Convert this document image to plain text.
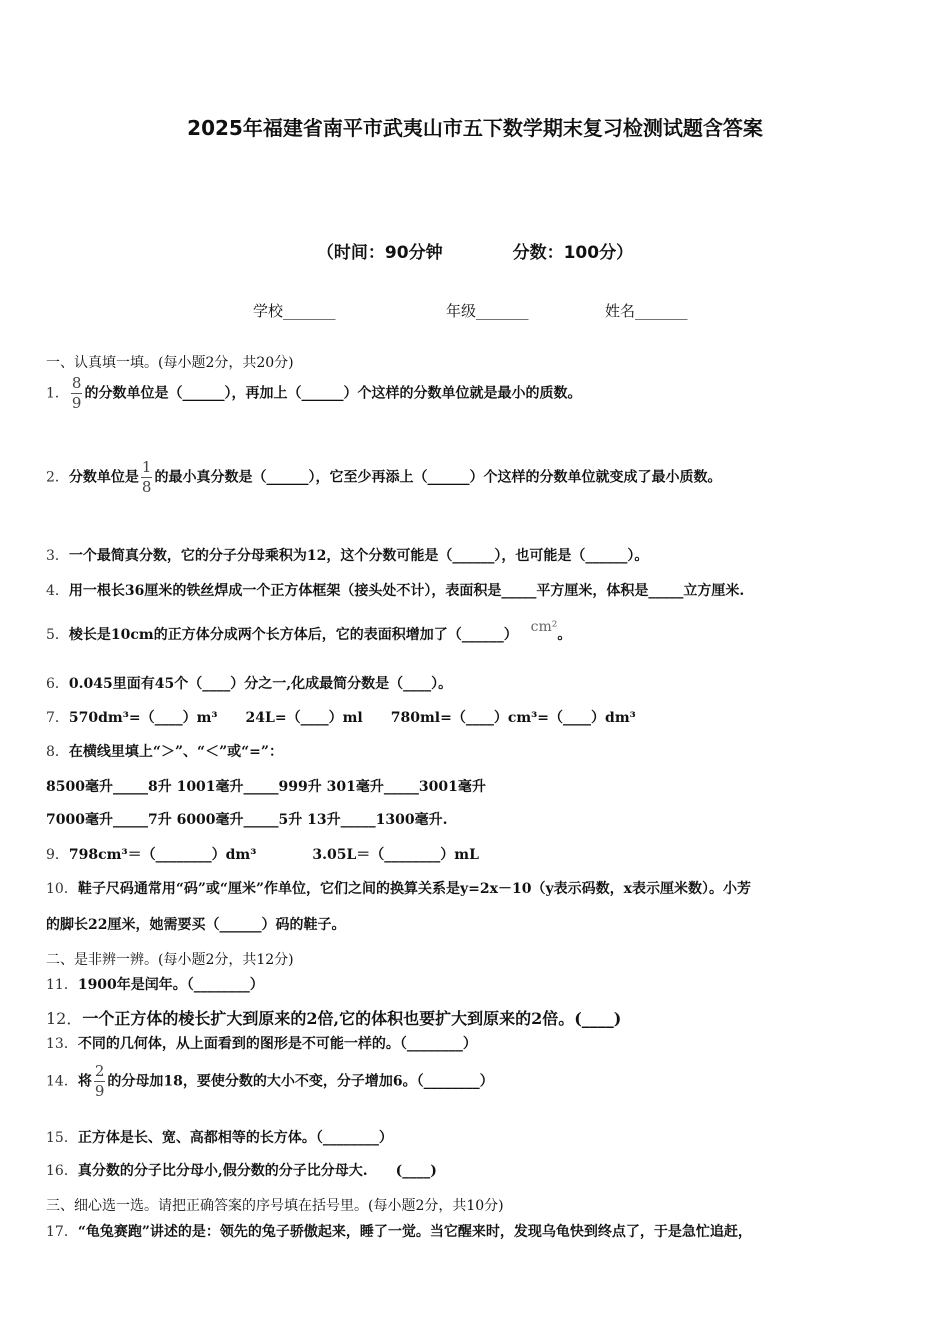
2025年福建省南平市武夷山市五下数学期末复习检测试题含答案
（时间：90分钟	分数：100分）
学校_______	年级_______	姓名_______
一、认真填一填。(每小题2分，共20分)
1． $\frac{8}{9}$ 的分数单位是（______），再加上（______）个这样的分数单位就是最小的质数。
2．分数单位是 $\frac{1}{8}$ 的最小真分数是（______），它至少再添上（______）个这样的分数单位就变成了最小质数。
3．一个最简真分数，它的分子分母乘积为12，这个分数可能是（______），也可能是（______）。
4．用一根长36厘米的铁丝焊成一个正方体框架（接头处不计），表面积是_____平方厘米，体积是_____立方厘米.
5．棱长是10cm的正方体分成两个长方体后，它的表面积增加了（______） cm²。
6．0.045里面有45个（____）分之一,化成最简分数是（____）。
7．570dm³=（____）m³　　24L=（____）ml　　780ml=（____）cm³=（____）dm³
8．在横线里填上“＞”、“＜”或“=”：
8500毫升_____8升 1001毫升_____999升 301毫升_____3001毫升
7000毫升_____7升 6000毫升_____5升 13升_____1300毫升.
9．798cm³＝（________）dm³　　　　3.05L＝（________）mL
10．鞋子尺码通常用“码”或“厘米”作单位，它们之间的换算关系是y=2x－10（y表示码数，x表示厘米数）。小芳
的脚长22厘米，她需要买（______）码的鞋子。
二、是非辨一辨。(每小题2分，共12分)
11．1900年是闰年。（________）
12．一个正方体的棱长扩大到原来的2倍,它的体积也要扩大到原来的2倍。(____)
13．不同的几何体，从上面看到的图形是不可能一样的。（________）
14．将 $\frac{2}{9}$ 的分母加18，要使分数的大小不变，分子增加6。（________）
15．正方体是长、宽、高都相等的长方体。（________）
16．真分数的分子比分母小,假分数的分子比分母大.　　(____)
三、细心选一选。请把正确答案的序号填在括号里。(每小题2分，共10分)
17．“龟兔赛跑”讲述的是：领先的兔子骄傲起来，睡了一觉。当它醒来时，发现乌龟快到终点了，于是急忙追赶，
